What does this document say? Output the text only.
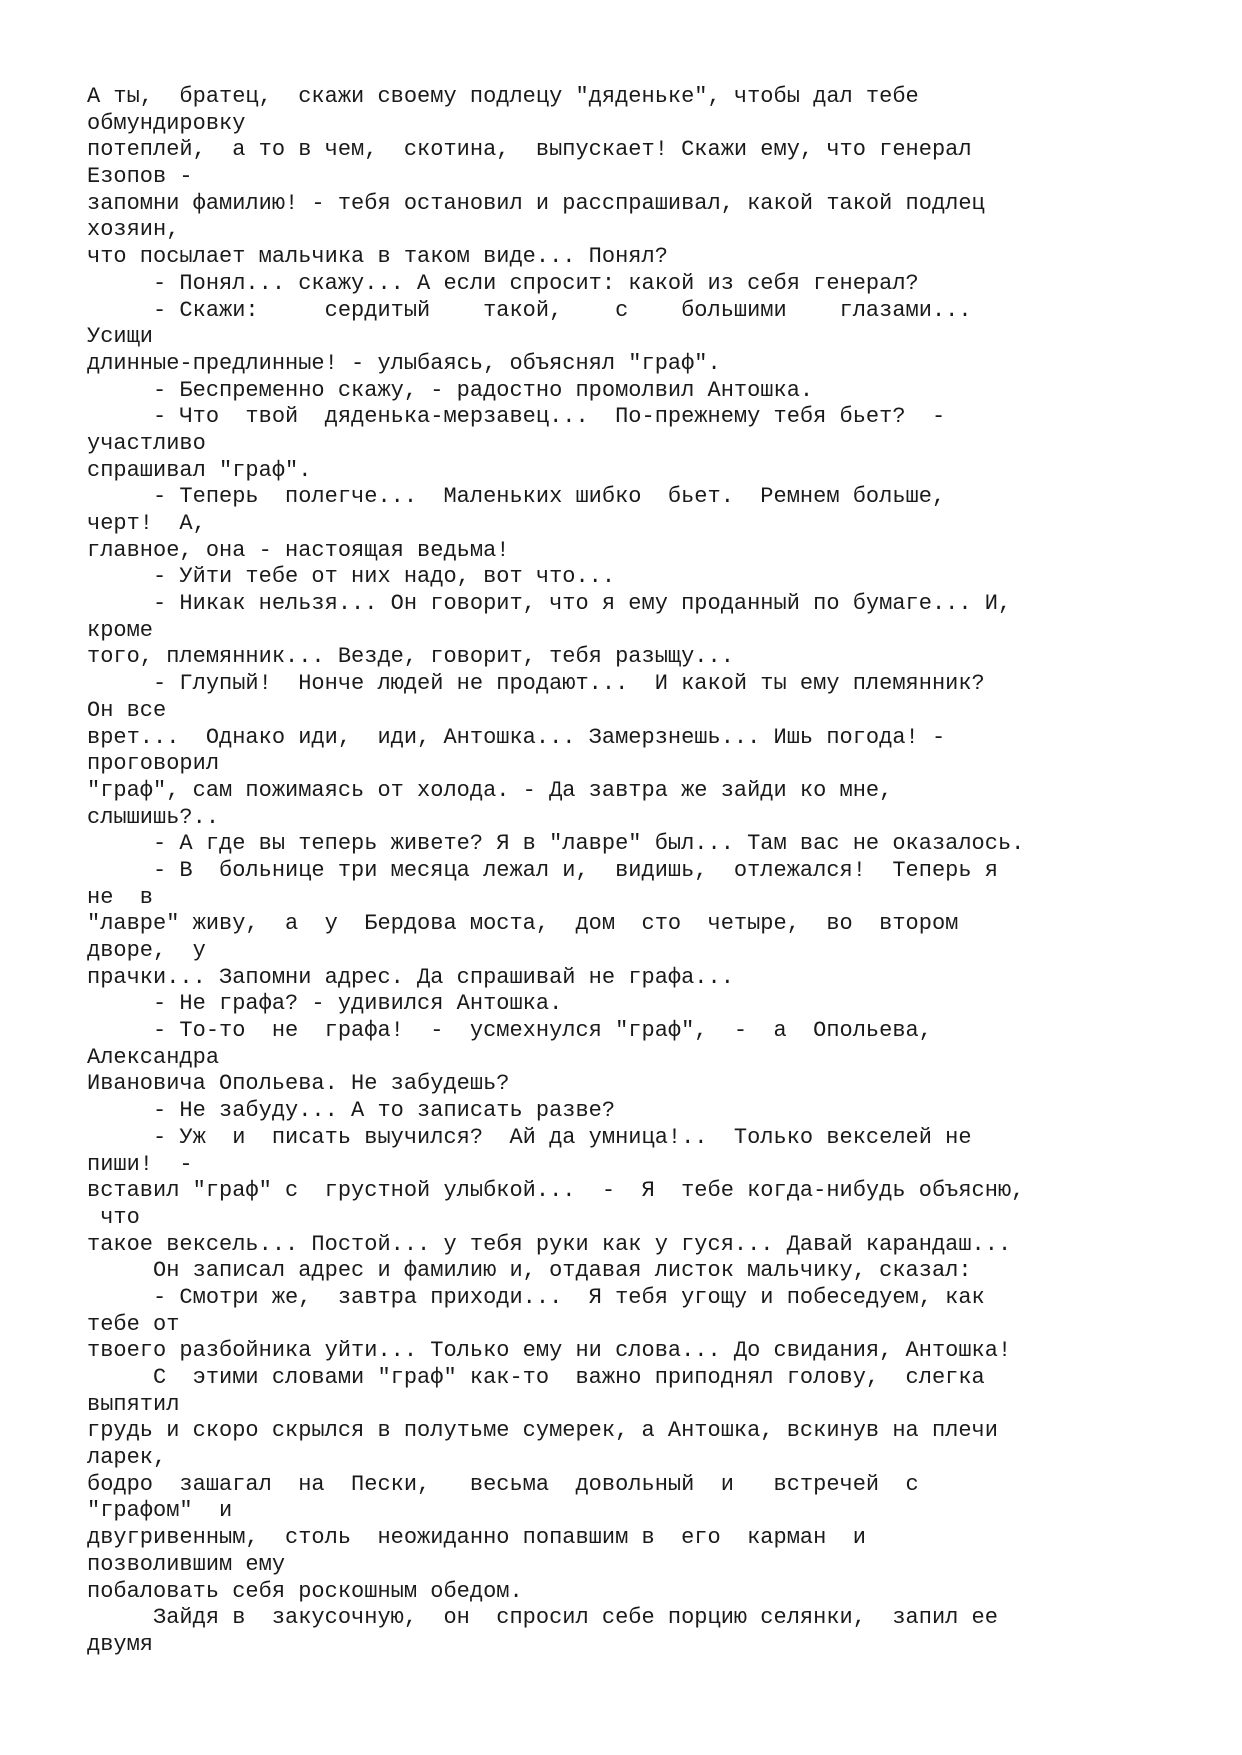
А ты,  братец,  скажи своему подлецу "дяденьке", чтобы дал тебе
обмундировку
потеплей,  а то в чем,  скотина,  выпускает! Скажи ему, что генерал
Езопов -
запомни фамилию! - тебя остановил и расспрашивал, какой такой подлец
хозяин,
что посылает мальчика в таком виде... Понял?
- Понял... скажу... А если спросит: какой из себя генерал?
- Скажи:     сердитый    такой,    с    большими    глазами...
Усищи
длинные-предлинные! - улыбаясь, объяснял "граф".
- Беспременно скажу, - радостно промолвил Антошка.
- Что  твой  дяденька-мерзавец...  По-прежнему тебя бьет?  -
участливо
спрашивал "граф".
- Теперь  полегче...  Маленьких шибко  бьет.  Ремнем больше,
черт!  А,
главное, она - настоящая ведьма!
- Уйти тебе от них надо, вот что...
- Никак нельзя... Он говорит, что я ему проданный по бумаге... И,
кроме
того, племянник... Везде, говорит, тебя разыщу...
- Глупый!  Нонче людей не продают...  И какой ты ему племянник?
Он все
врет...  Однако иди,  иди, Антошка... Замерзнешь... Ишь погода! -
проговорил
"граф", сам пожимаясь от холода. - Да завтра же зайди ко мне,
слышишь?..
- А где вы теперь живете? Я в "лавре" был... Там вас не оказалось.
- В  больнице три месяца лежал и,  видишь,  отлежался!  Теперь я
не  в
"лавре" живу,  а  у  Бердова моста,  дом  сто  четыре,  во  втором
дворе,  у
прачки... Запомни адрес. Да спрашивай не графа...
- Не графа? - удивился Антошка.
- То-то  не  графа!  -  усмехнулся "граф",  -  а  Опольева,
Александра
Ивановича Опольева. Не забудешь?
- Не забуду... А то записать разве?
- Уж  и  писать выучился?  Ай да умница!..  Только векселей не
пиши!  -
вставил "граф" с  грустной улыбкой...  -  Я  тебе когда-нибудь объясню,
что
такое вексель... Постой... у тебя руки как у гуся... Давай карандаш...
Он записал адрес и фамилию и, отдавая листок мальчику, сказал:
- Смотри же,  завтра приходи...  Я тебя угощу и побеседуем, как
тебе от
твоего разбойника уйти... Только ему ни слова... До свидания, Антошка!
С  этими словами "граф" как-то  важно приподнял голову,  слегка
выпятил
грудь и скоро скрылся в полутьме сумерек, а Антошка, вскинув на плечи
ларек,
бодро  зашагал  на  Пески,   весьма  довольный  и   встречей  с
"графом"  и
двугривенным,  столь  неожиданно попавшим в  его  карман  и
позволившим ему
побаловать себя роскошным обедом.
Зайдя в  закусочную,  он  спросил себе порцию селянки,  запил ее
двумя
